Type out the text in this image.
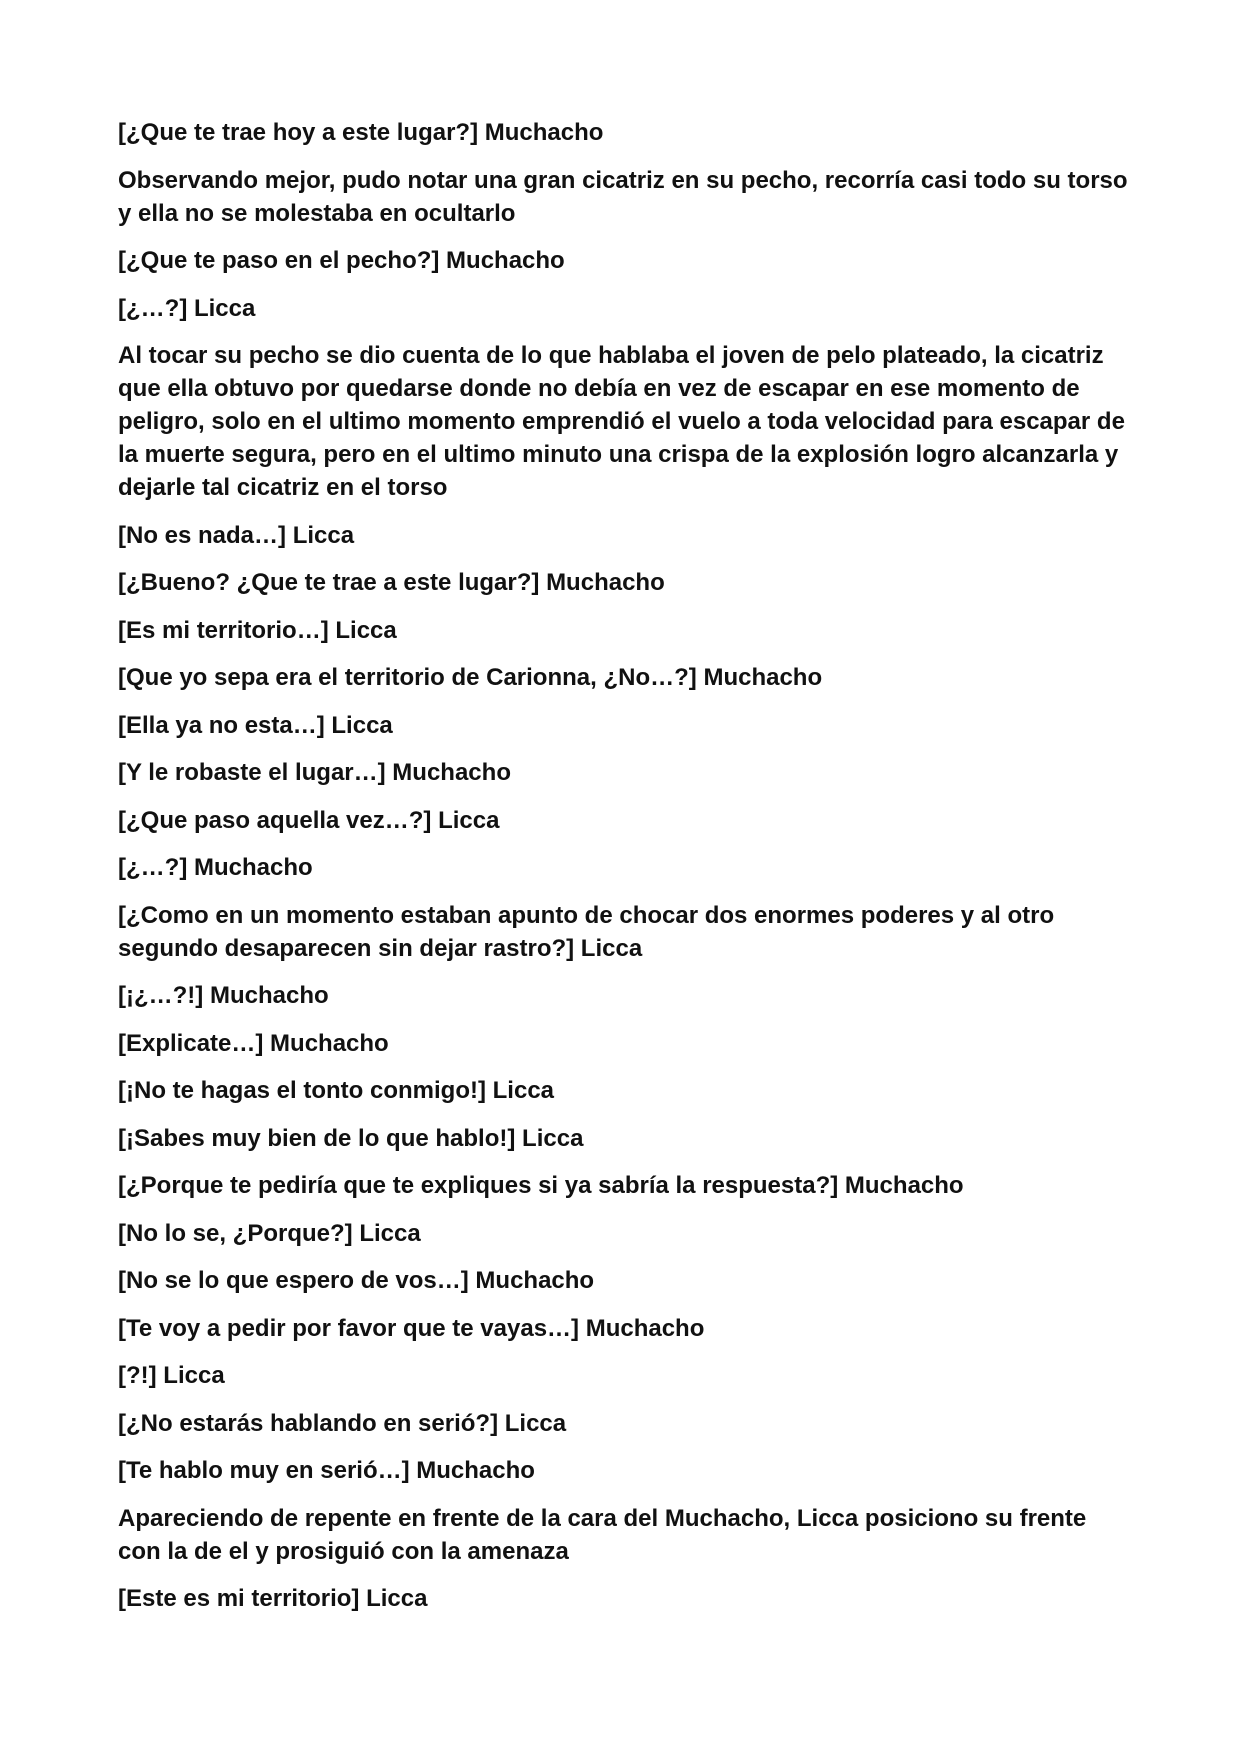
[¿Que te trae hoy a este lugar?] Muchacho

Observando mejor, pudo notar una gran cicatriz en su pecho, recorría casi todo su torso y ella no se molestaba en ocultarlo

[¿Que te paso en el pecho?] Muchacho

[¿…?] Licca

Al tocar su pecho se dio cuenta de lo que hablaba el joven de pelo plateado, la cicatriz que ella obtuvo por quedarse donde no debía en vez de escapar en ese momento de peligro, solo en el ultimo momento emprendió el vuelo a toda velocidad para escapar de la muerte segura, pero en el ultimo minuto una crispa de la explosión logro alcanzarla y dejarle tal cicatriz en el torso

[No es nada…] Licca

[¿Bueno? ¿Que te trae a este lugar?] Muchacho

[Es mi territorio…] Licca

[Que yo sepa era el territorio de Carionna, ¿No…?] Muchacho

[Ella ya no esta…] Licca

[Y le robaste el lugar…] Muchacho

[¿Que paso aquella vez…?] Licca

[¿…?] Muchacho

[¿Como en un momento estaban apunto de chocar dos enormes poderes y al otro segundo desaparecen sin dejar rastro?] Licca

[¡¿…?!] Muchacho

[Explicate…] Muchacho

[¡No te hagas el tonto conmigo!] Licca

[¡Sabes muy bien de lo que hablo!] Licca

[¿Porque te pediría que te expliques si ya sabría la respuesta?] Muchacho

[No lo se, ¿Porque?] Licca

[No se lo que espero de vos…] Muchacho

[Te voy a pedir por favor que te vayas…] Muchacho

[?!] Licca

[¿No estarás hablando en serió?] Licca

[Te hablo muy en serió…] Muchacho

Apareciendo de repente en frente de la cara del Muchacho, Licca posiciono su frente con la de el y prosiguió con la amenaza

[Este es mi territorio] Licca
